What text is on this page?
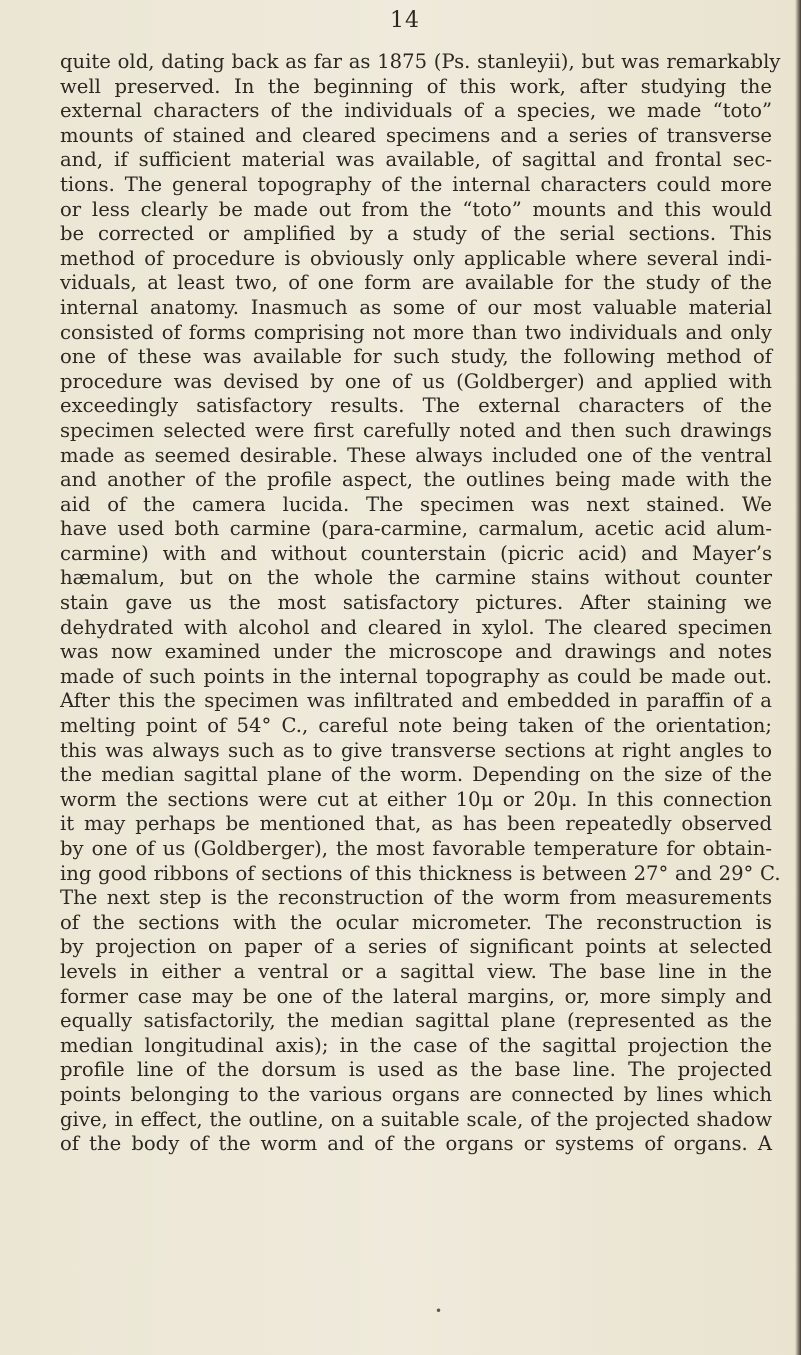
14
quite old, dating back as far as 1875 (Ps. stanleyii), but was remarkably
well preserved. In the beginning of this work, after studying the
external characters of the individuals of a species, we made “toto”
mounts of stained and cleared specimens and a series of transverse
and, if sufficient material was available, of sagittal and frontal sec-
tions. The general topography of the internal characters could more
or less clearly be made out from the “toto” mounts and this would
be corrected or amplified by a study of the serial sections. This
method of procedure is obviously only applicable where several indi-
viduals, at least two, of one form are available for the study of the
internal anatomy. Inasmuch as some of our most valuable material
consisted of forms comprising not more than two individuals and only
one of these was available for such study, the following method of
procedure was devised by one of us (Goldberger) and applied with
exceedingly satisfactory results. The external characters of the
specimen selected were first carefully noted and then such drawings
made as seemed desirable. These always included one of the ventral
and another of the profile aspect, the outlines being made with the
aid of the camera lucida. The specimen was next stained. We
have used both carmine (para-carmine, carmalum, acetic acid alum-
carmine) with and without counterstain (picric acid) and Mayer’s
hæmalum, but on the whole the carmine stains without counter
stain gave us the most satisfactory pictures. After staining we
dehydrated with alcohol and cleared in xylol. The cleared specimen
was now examined under the microscope and drawings and notes
made of such points in the internal topography as could be made out.
After this the specimen was infiltrated and embedded in paraffin of a
melting point of 54° C., careful note being taken of the orientation;
this was always such as to give transverse sections at right angles to
the median sagittal plane of the worm. Depending on the size of the
worm the sections were cut at either 10μ or 20μ. In this connection
it may perhaps be mentioned that, as has been repeatedly observed
by one of us (Goldberger), the most favorable temperature for obtain-
ing good ribbons of sections of this thickness is between 27° and 29° C.
The next step is the reconstruction of the worm from measurements
of the sections with the ocular micrometer. The reconstruction is
by projection on paper of a series of significant points at selected
levels in either a ventral or a sagittal view. The base line in the
former case may be one of the lateral margins, or, more simply and
equally satisfactorily, the median sagittal plane (represented as the
median longitudinal axis); in the case of the sagittal projection the
profile line of the dorsum is used as the base line. The projected
points belonging to the various organs are connected by lines which
give, in effect, the outline, on a suitable scale, of the projected shadow
of the body of the worm and of the organs or systems of organs. A
•
